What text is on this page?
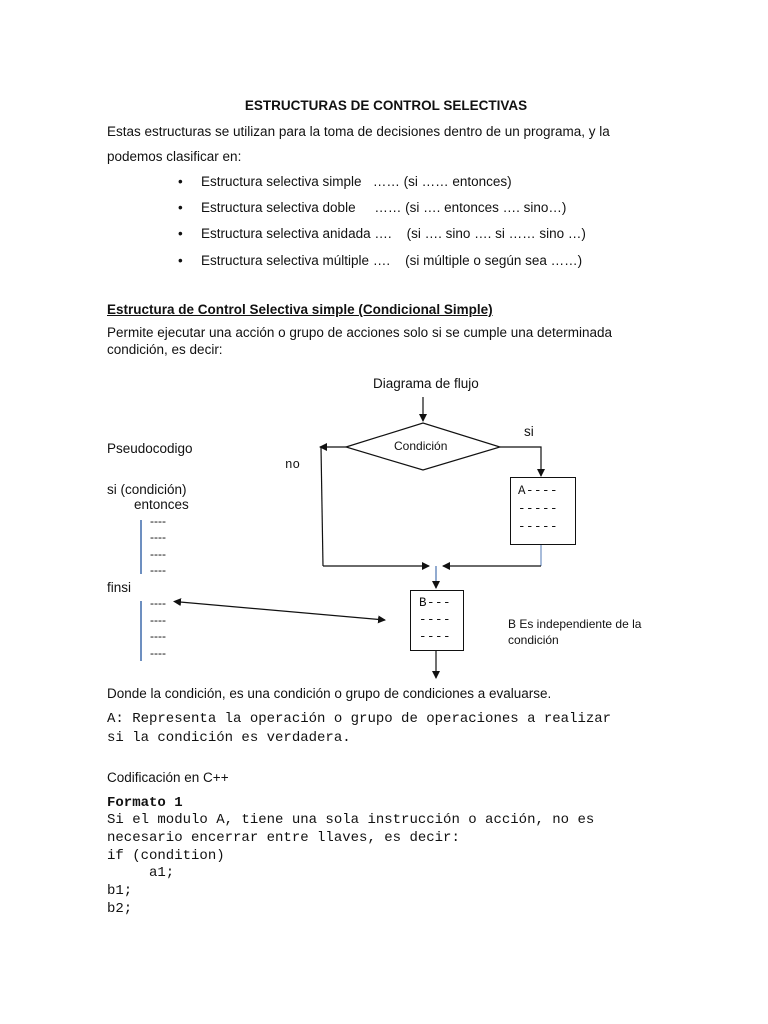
ESTRUCTURAS DE CONTROL SELECTIVAS
Estas estructuras se utilizan para la toma de decisiones dentro de un programa, y la
podemos clasificar en:
• Estructura selectiva simple …… (si …… entonces)
• Estructura selectiva doble …… (si …. entonces …. sino…)
• Estructura selectiva anidada …. (si …. sino …. si …… sino …)
• Estructura selectiva múltiple …. (si múltiple o según sea ……)
Estructura de Control Selectiva simple (Condicional Simple)
Permite ejecutar una acción o grupo de acciones solo si se cumple una determinada
condición, es decir:
Diagrama de flujo
Condición
si
no
A----
-----
-----
B---
----
----
B Es independiente de la
condición
Pseudocodigo
si (condición)
entonces
----
----
----
----
finsi
----
----
----
----
Donde la condición, es una condición o grupo de condiciones a evaluarse.
A: Representa la operación o grupo de operaciones a realizar
si la condición es verdadera.
Codificación en C++
Formato 1
Si el modulo A, tiene una sola instrucción o acción, no es
necesario encerrar entre llaves, es decir:
if (condition)
a1;
b1;
b2;
